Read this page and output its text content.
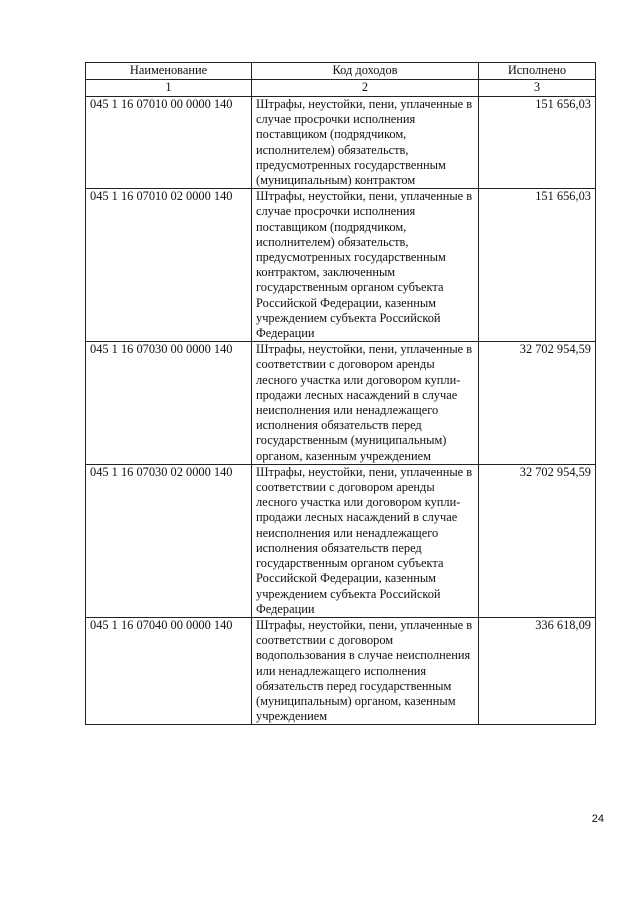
Наименование	Код доходов	Исполнено
1	2	3
045 1 16 07010 00 0000 140	Штрафы, неустойки, пени, уплаченные в случае просрочки исполнения поставщиком (подрядчиком, исполнителем) обязательств, предусмотренных государственным (муниципальным) контрактом	151 656,03
045 1 16 07010 02 0000 140	Штрафы, неустойки, пени, уплаченные в случае просрочки исполнения поставщиком (подрядчиком, исполнителем) обязательств, предусмотренных государственным контрактом, заключенным государственным органом субъекта Российской Федерации, казенным учреждением субъекта Российской Федерации	151 656,03
045 1 16 07030 00 0000 140	Штрафы, неустойки, пени, уплаченные в соответствии с договором аренды лесного участка или договором купли-продажи лесных насаждений в случае неисполнения или ненадлежащего исполнения обязательств перед государственным (муниципальным) органом, казенным учреждением	32 702 954,59
045 1 16 07030 02 0000 140	Штрафы, неустойки, пени, уплаченные в соответствии с договором аренды лесного участка или договором купли-продажи лесных насаждений в случае неисполнения или ненадлежащего исполнения обязательств перед государственным органом субъекта Российской Федерации, казенным учреждением субъекта Российской Федерации	32 702 954,59
045 1 16 07040 00 0000 140	Штрафы, неустойки, пени, уплаченные в соответствии с договором водопользования в случае неисполнения или ненадлежащего исполнения обязательств перед государственным (муниципальным) органом, казенным учреждением	336 618,09
24
